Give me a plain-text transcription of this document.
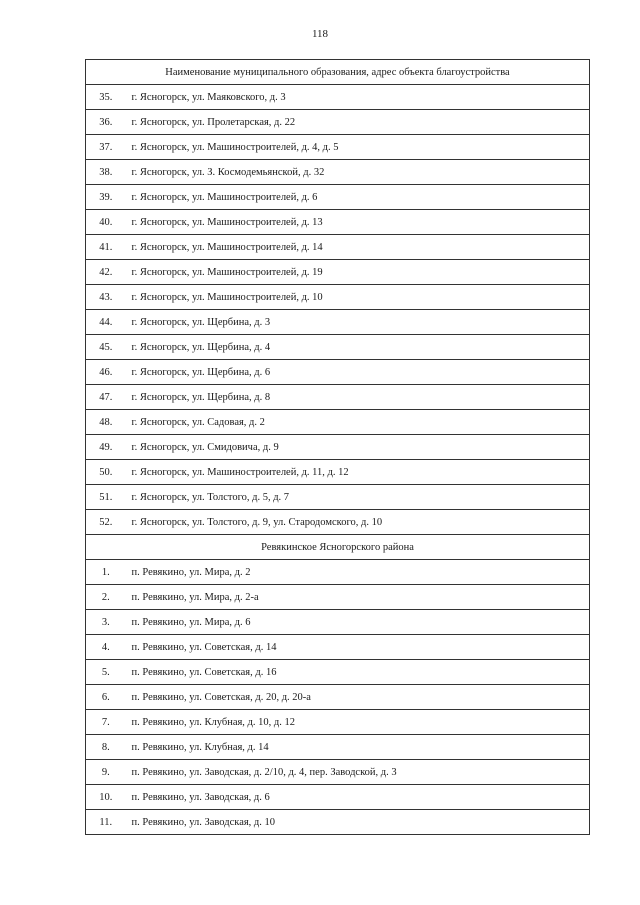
118
Наименование муниципального образования, адрес объекта благоустройства	
35.	г. Ясногорск, ул. Маяковского, д. 3
36.	г. Ясногорск, ул. Пролетарская, д. 22
37.	г. Ясногорск, ул. Машиностроителей, д. 4, д. 5
38.	г. Ясногорск, ул. З. Космодемьянской, д. 32
39.	г. Ясногорск, ул. Машиностроителей, д. 6
40.	г. Ясногорск, ул. Машиностроителей, д. 13
41.	г. Ясногорск, ул. Машиностроителей, д. 14
42.	г. Ясногорск, ул. Машиностроителей, д. 19
43.	г. Ясногорск, ул. Машиностроителей, д. 10
44.	г. Ясногорск, ул. Щербина, д. 3
45.	г. Ясногорск, ул. Щербина, д. 4
46.	г. Ясногорск, ул. Щербина, д. 6
47.	г. Ясногорск, ул. Щербина, д. 8
48.	г. Ясногорск, ул. Садовая, д. 2
49.	г. Ясногорск, ул. Смидовича, д. 9
50.	г. Ясногорск, ул. Машиностроителей, д. 11, д. 12
51.	г. Ясногорск, ул. Толстого, д. 5, д. 7
52.	г. Ясногорск, ул. Толстого, д. 9, ул. Стародомского, д. 10
Ревякинское Ясногорского района	
1.	п. Ревякино, ул. Мира, д. 2
2.	п. Ревякино, ул. Мира, д. 2-а
3.	п. Ревякино, ул. Мира, д. 6
4.	п. Ревякино, ул. Советская, д. 14
5.	п. Ревякино, ул. Советская, д. 16
6.	п. Ревякино, ул. Советская, д. 20, д. 20-а
7.	п. Ревякино, ул. Клубная, д. 10, д. 12
8.	п. Ревякино, ул. Клубная, д. 14
9.	п. Ревякино, ул. Заводская, д. 2/10, д. 4, пер. Заводской, д. 3
10.	п. Ревякино, ул. Заводская, д. 6
11.	п. Ревякино, ул. Заводская, д. 10
